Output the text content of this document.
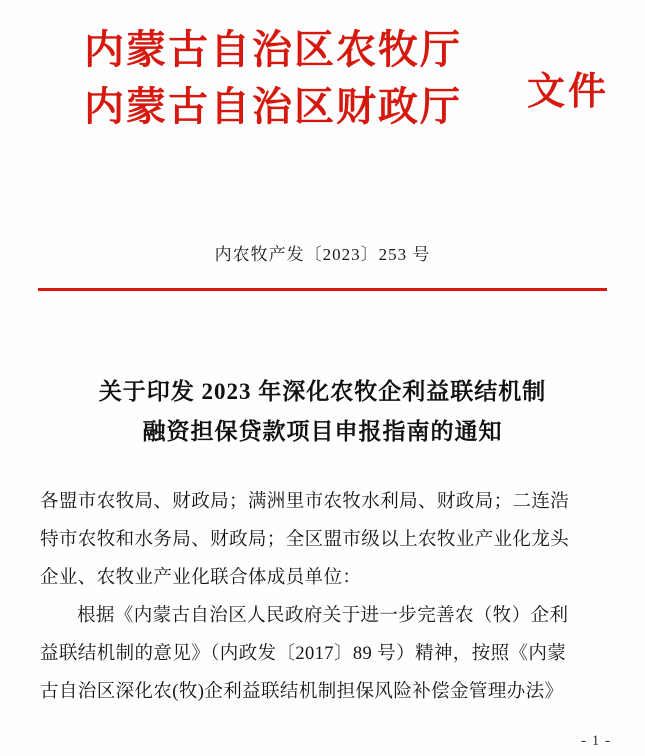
内蒙古自治区农牧厅
内蒙古自治区财政厅	文件
内农牧产发〔2023〕253 号
关于印发 2023 年深化农牧企利益联结机制
融资担保贷款项目申报指南的通知
各盟市农牧局、财政局；满洲里市农牧水利局、财政局；二连浩
特市农牧和水务局、财政局；全区盟市级以上农牧业产业化龙头
企业、农牧业产业化联合体成员单位：
根据《内蒙古自治区人民政府关于进一步完善农（牧）企利
益联结机制的意见》（内政发〔2017〕89 号）精神，按照《内蒙
古自治区深化农(牧)企利益联结机制担保风险补偿金管理办法》
- 1 -
